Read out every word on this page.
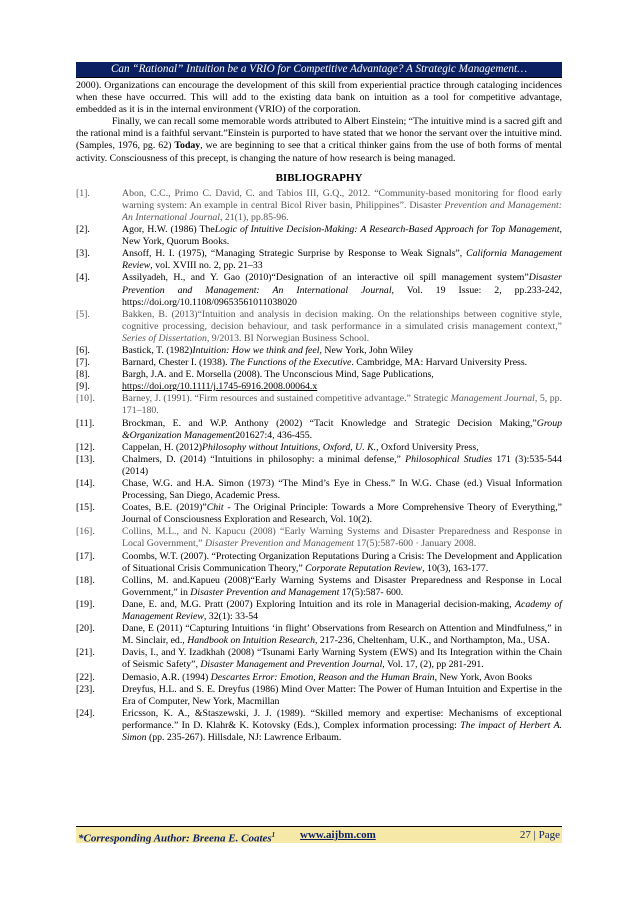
Can “Rational” Intuition be a VRIO for Competitive Advantage? A Strategic Management…

2000). Organizations can encourage the development of this skill from experiential practice through cataloging incidences when these have occurred. This will add to the existing data bank on intuition as a tool for competitive advantage, embedded as it is in the internal environment (VRIO) of the corporation.

Finally, we can recall some memorable words attributed to Albert Einstein; “The intuitive mind is a sacred gift and the rational mind is a faithful servant.”Einstein is purported to have stated that we honor the servant over the intuitive mind. (Samples, 1976, pg. 62) Today, we are beginning to see that a critical thinker gains from the use of both forms of mental activity. Consciousness of this precept, is changing the nature of how research is being managed.

BIBLIOGRAPHY
[1].	Abon, C.C., Primo C. David, C. and Tabios III, G.Q., 2012. “Community-based monitoring for flood early warning system: An example in central Bicol River basin, Philippines”. Disaster Prevention and Management: An International Journal, 21(1), pp.85-96.
[2].	Agor, H.W. (1986) TheLogic of Intuitive Decision-Making: A Research-Based Approach for Top Management, New York, Quorum Books.
[3].	Ansoff, H. I. (1975), “Managing Strategic Surprise by Response to Weak Signals”, California Management Review, vol. XVIII no. 2, pp. 21–33
[4].	Assilyadeh, H., and Y. Gao (2010)“Designation of an interactive oil spill management system”Disaster Prevention and Management: An International Journal, Vol. 19 Issue: 2, pp.233-242, https://doi.org/10.1108/09653561011038020
[5].	Bakken, B. (2013)“Intuition and analysis in decision making. On the relationships between cognitive style, cognitive processing, decision behaviour, and task performance in a simulated crisis management context,” Series of Dissertation, 9/2013. BI Norwegian Business School.
[6].	Bastick, T. (1982)Intuition: How we think and feel, New York, John Wiley
[7].	Barnard, Chester I. (1938). The Functions of the Executive. Cambridge, MA: Harvard University Press.
[8].	Bargh, J.A. and E. Morsella (2008). The Unconscious Mind, Sage Publications,
[9].	https://doi.org/10.1111/j.1745-6916.2008.00064.x
[10].	Barney, J. (1991). “Firm resources and sustained competitive advantage.” Strategic Management Journal, 5, pp. 171–180.
[11].	Brockman, E. and W.P. Anthony (2002) “Tacit Knowledge and Strategic Decision Making,”Group &Organization Management201627:4, 436-455.
[12].	Cappelan, H. (2012)Philosophy without Intuitions, Oxford, U. K., Oxford University Press,
[13].	Chalmers, D. (2014) “Intuitions in philosophy: a minimal defense,” Philosophical Studies 171 (3):535-544 (2014)
[14].	Chase, W.G. and H.A. Simon (1973) “The Mind’s Eye in Chess.” In W.G. Chase (ed.) Visual Information Processing, San Diego, Academic Press.
[15].	Coates, B.E. (2019)”Chit - The Original Principle: Towards a More Comprehensive Theory of Everything,” Journal of Consciousness Exploration and Research, Vol. 10(2).
[16].	Collins, M.L., and N. Kapucu (2008) “Early Warning Systems and Disaster Preparedness and Response in Local Government,” Disaster Prevention and Management 17(5):587-600 · January 2008.
[17].	Coombs, W.T. (2007). “Protecting Organization Reputations During a Crisis: The Development and Application of Situational Crisis Communication Theory,” Corporate Reputation Review, 10(3), 163-177.
[18].	Collins, M. and.Kapueu (2008)“Early Warning Systems and Disaster Preparedness and Response in Local Government,” in Disaster Prevention and Management 17(5):587- 600.
[19].	Dane, E. and, M.G. Pratt (2007) Exploring Intuition and its role in Managerial decision-making, Academy of Management Review, 32(1): 33-54
[20].	Dane, E (2011) “Capturing Intuitions ‘in flight’ Observations from Research on Attention and Mindfulness,” in M. Sinclair, ed., Handbook on Intuition Research, 217-236, Cheltenham, U.K., and Northampton, Ma., USA.
[21].	Davis, I., and Y. Izadkhah (2008) “Tsunami Early Warning System (EWS) and Its Integration within the Chain of Seismic Safety”, Disaster Management and Prevention Journal, Vol. 17, (2), pp 281-291.
[22].	Demasio, A.R. (1994) Descartes Error: Emotion, Reason and the Human Brain, New York, Avon Books
[23].	Dreyfus, H.L. and S. E. Dreyfus (1986) Mind Over Matter: The Power of Human Intuition and Expertise in the Era of Computer, New York, Macmillan
[24].	Ericsson, K. A., &Staszewski, J. J. (1989). “Skilled memory and expertise: Mechanisms of exceptional performance.” In D. Klahr& K. Kotovsky (Eds.), Complex information processing: The impact of Herbert A. Simon (pp. 235-267). Hillsdale, NJ: Lawrence Erlbaum.
*Corresponding Author: Breena E. Coates$^1$ www.aijbm.com	27 | Page
